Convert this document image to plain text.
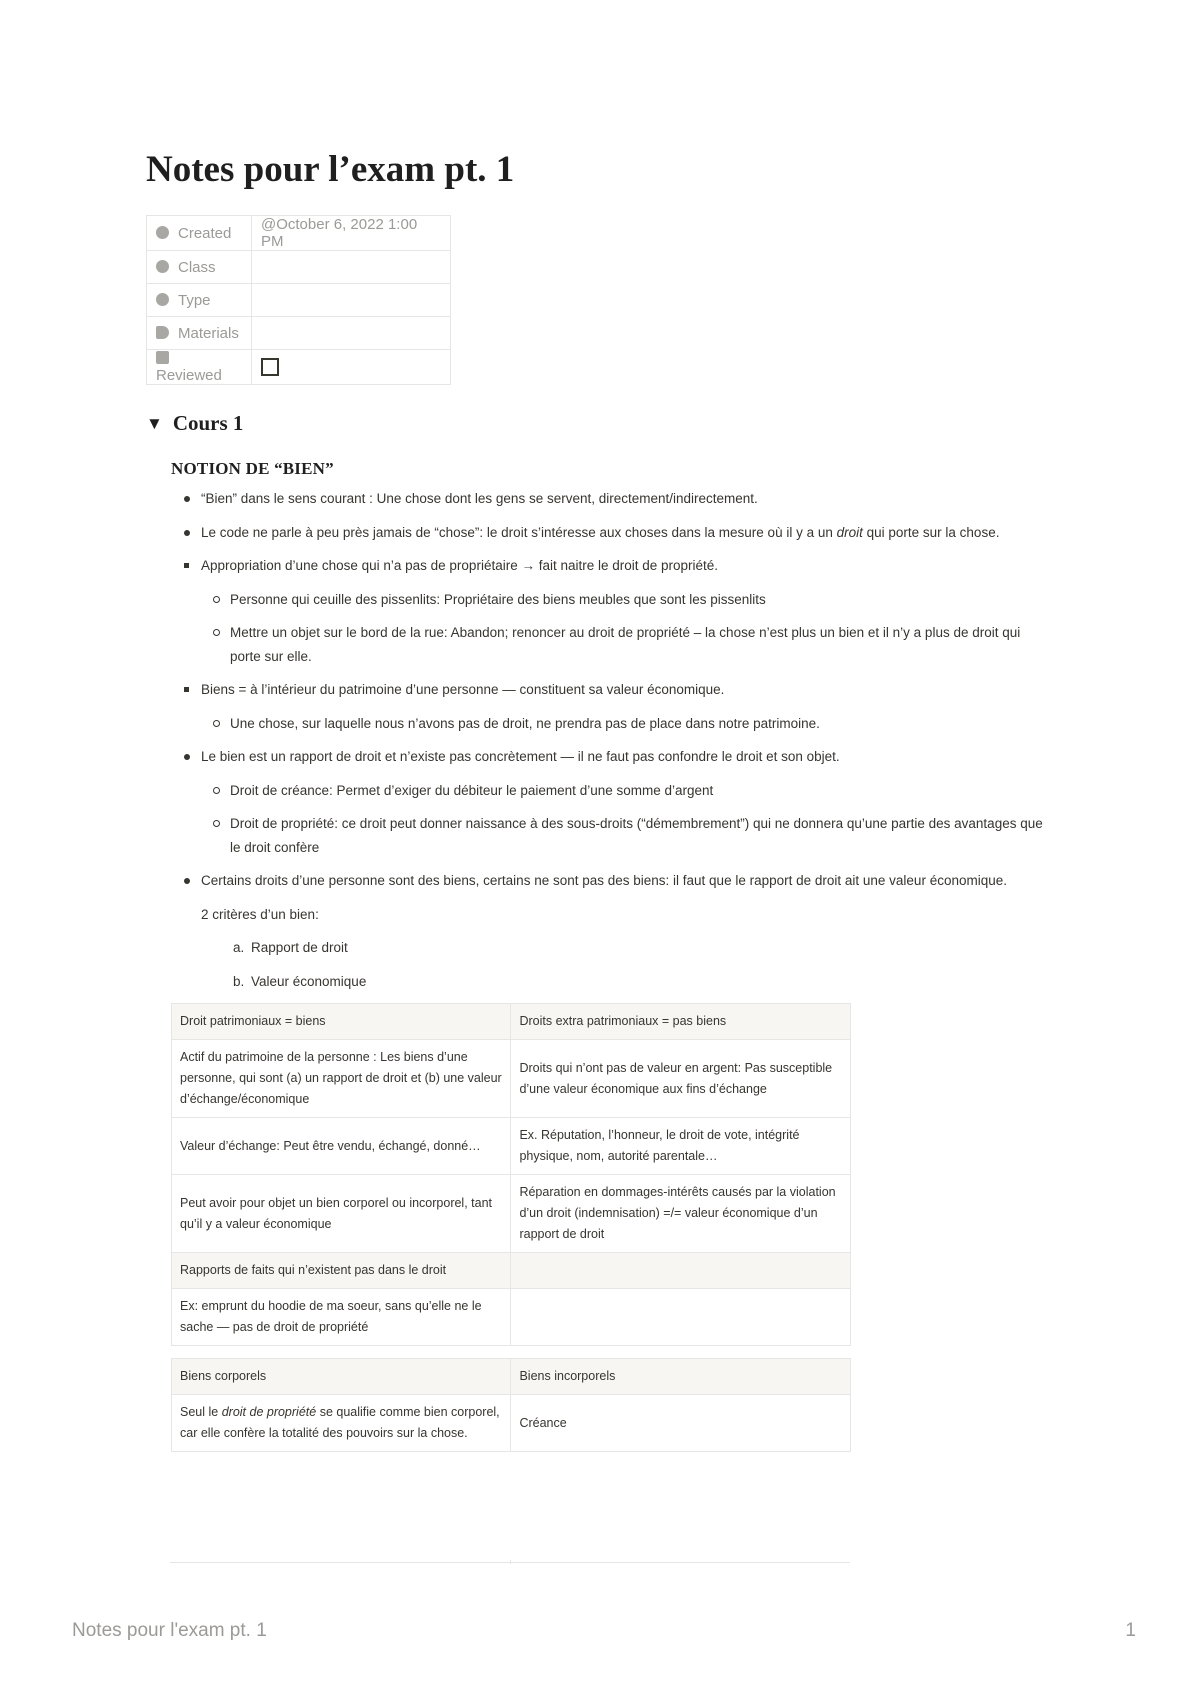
Notes pour l’exam pt. 1
Created	@October 6, 2022 1:00 PM
Class	
Type	
Materials	
Reviewed	
▼ Cours 1
NOTION DE “BIEN”
“Bien” dans le sens courant : Une chose dont les gens se servent, directement/indirectement.
Le code ne parle à peu près jamais de “chose”: le droit s’intéresse aux choses dans la mesure où il y a un droit qui porte sur la chose.
Appropriation d’une chose qui n’a pas de propriétaire → fait naitre le droit de propriété.
Personne qui ceuille des pissenlits: Propriétaire des biens meubles que sont les pissenlits
Mettre un objet sur le bord de la rue: Abandon; renoncer au droit de propriété – la chose n’est plus un bien et il n’y a plus de droit qui porte sur elle.
Biens = à l’intérieur du patrimoine d’une personne — constituent sa valeur économique.
Une chose, sur laquelle nous n’avons pas de droit, ne prendra pas de place dans notre patrimoine.
Le bien est un rapport de droit et n’existe pas concrètement — il ne faut pas confondre le droit et son objet.
Droit de créance: Permet d’exiger du débiteur le paiement d’une somme d’argent
Droit de propriété: ce droit peut donner naissance à des sous-droits (“démembrement”) qui ne donnera qu’une partie des avantages que le droit confère
Certains droits d’une personne sont des biens, certains ne sont pas des biens: il faut que le rapport de droit ait une valeur économique.
2 critères d’un bien:
a. Rapport de droit
b. Valeur économique
Droit patrimoniaux = biens	Droits extra patrimoniaux = pas biens
Actif du patrimoine de la personne : Les biens d’une personne, qui sont (a) un rapport de droit et (b) une valeur d’échange/économique	Droits qui n’ont pas de valeur en argent: Pas susceptible d’une valeur économique aux fins d’échange
Valeur d’échange: Peut être vendu, échangé, donné…	Ex. Réputation, l’honneur, le droit de vote, intégrité physique, nom, autorité parentale…
Peut avoir pour objet un bien corporel ou incorporel, tant qu’il y a valeur économique	Réparation en dommages-intérêts causés par la violation d’un droit (indemnisation) =/= valeur économique d’un rapport de droit
Rapports de faits qui n’existent pas dans le droit	
Ex: emprunt du hoodie de ma soeur, sans qu’elle ne le sache — pas de droit de propriété	
Biens corporels	Biens incorporels
Seul le droit de propriété se qualifie comme bien corporel, car elle confère la totalité des pouvoirs sur la chose.	Créance
Notes pour l'exam pt. 1	1
